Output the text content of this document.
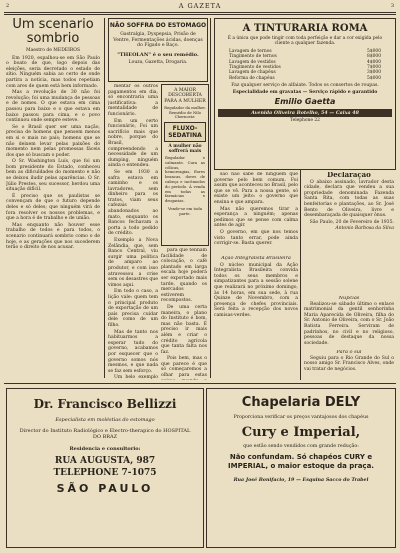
2	A GAZETA	3
Um scenario sombrio
Maestro de MEDEIROS

Em 1920, espalhou-se em São Paulo o boato de que, logo depois das eleições, seria decretado o estado de sítio. Ninguém sabia ao certo de onde partira a notícia, mas todos repetiam com ares de quem está bem informado.

Mas a revolução de 30 não foi revolução; foi uma mudança de pessoas e de nomes. O que estava em cima passou para baixo e o que estava em baixo passou para cima, e o povo continuou onde sempre esteve.

Se o Brasil quer ser uma nação, precisa de homens que pensem menos em si e mais no país; homens que se não deixem levar pelas paixões do momento nem pelas promessas fáceis dos que só buscam o poder.

O Sr. Washington Luís, que foi um bom presidente do Estado, conheceu bem as dificuldades do momento e não se deixou iludir pelas aparências. O Sr. Júlio Prestes, seu sucessor, herdou uma situação difícil.

É preciso que os paulistas se convençam de que o futuro depende deles e só deles; que ninguém virá de fora resolver os nossos problemas, e que a hora é de trabalho e de união.

Mas enquanto não houver esse trabalho de todos e para todos, o scenario continuará sombrio como o de hoje, e as gerações que nos sucederem terão o direito de nos acusar.

NÃO SOFFRA DO ESTOMAGO
Gastralgia, Dyspepsia, Prisão de Ventre, Fermentações ácidas, doenças do Fígado e Baço.
"THEOLAN" é o seu remédio.
Louza, Gazetta, Drogaria.

mentar os outros pagamentos em dia, só encontraria uma justificativa: a mentalidade de funcionário.

Em um certo funcionário, Foi um sacrifício mais que nobre, porque do Brasil, compreendendo a necessidade de um dumping, ninguém ainda o entendeu.

Se em 1930 a safra estava em caminho e os lavradores, sem dinheiro para os tratos, viam seus cafezais abandonados ao mato, enquanto os Bancos fechavam a porta a todo pedido de crédito.

Exemplo a Nova Zelândia, que, sem Banco Central, viu surgir uma política de amparo ao produtor, e com isso atravessou a crise sem os desastres que vimos aqui.

Em todo o caso, a lição vale: quem tem o principal produto de exportação de um país precisa cuidar dele como de um filho.

Mas de tanto nos habituarmos a esperar tudo do governo, acabamos por esquecer que o governo somos nós mesmos, e que nada se faz sem esforço.

Um belo exemplo

A MAIOR DESCOBERTA PARA A MULHER
Regulador da mulher. Remédio de Nilo Chernoviz:
FLUXO-SEDATINA
A mulher não soffrerá mais
Regulador e calmante. Cura as cólicas, hemorragias, flores brancas, dores de cabeça e incômodos do período. À venda em todas as farmácias e drogarias.
Vende-se em toda parte.

para que tenham facilidade de colocação, o café plantado em larga escala hoje poderá ser exportado mais tarde, quando os mercados estiverem recompostos.

De uma certa maneira, o plano do Instituto é bom, mas não basta. É preciso ir mais além e criar o crédito agrícola que tanta falta nos faz.

Pois bem, mas o que parece é que só começaremos a olhar para estas

A TINTURARIA ROMA
É a única que pode tingir com toda perfeição e dar a cor exigida pelo cliente a qualquer fazenda.
Lavagem de ternos	5$000
Tingimento de ternos	8$000
Lavagem de vestidos	4$000
Tingimento de vestidos	7$000
Lavagem de chapéus	3$000
Reforma de chapéus	5$000
Faz qualquer serviço de alfaiate. Todos os consertos de roupas.
Especialidade em gravatas — Serviço rápido e garantido
Emilio Gaetta
Avenida Oliveira Botelho, 54 — Caixa 48
Telephone 22

são não sabe de ninguém que governe pelo bem comum. Foi assim que aconteceu no Brasil, pelo que se vê. Para a nossa gente, só existe um jeito: o governo que ensina e que ampara.

Mas não queremos tirar a esperança a ninguém; apenas pedimos que se pense com calma antes de agir.

O governo, em que nos temos visto tanto errar, pode ainda corrigir-se. Basta querer.

Ação Integralista Brasileira

O núcleo municipal da Ação Integralista Brasileira convida todos os seus membros e simpatizantes para a sessão solene que realizará no próximo domingo, às 14 horas, em sua sede, à rua Quinze de Novembro, com a presença de chefes provinciais. Será feita a recepção dos novos camisas-verdes.

Declaração

O abaixo assinado, lavrador desta cidade, declara que vendeu a sua propriedade denominada Fazenda Santa Rita, com todas as suas benfeitorias e plantações, ao Sr. José Bento de Oliveira, livre e desembaraçada de quaisquer ônus.

São Paulo, 20 de Fevereiro de 1935.

Antonio Barbosa da Silva

Nupcias

Realizou-se sábado último o enlace matrimonial da gentil senhorinha Maria Aparecida de Oliveira, filha do Sr. Antonio de Oliveira, com o Sr. João Batista Ferreira. Serviram de padrinhos, no civil e no religioso, pessoas de destaque da nossa sociedade.

Para o sul

Seguiu para o Rio Grande do Sul o nosso amigo Sr. Francisco Alves, onde vai tratar de negócios.

Dr. Francisco Bellizzi
Especialista em moléstias do estomago
Director do Instituto Radiológico e Electro-therapico do HOSPITAL DO BRAZ
Residencia e consultorio:
RUA AUGUSTA, 987
TELEPHONE 7-1075
SÃO PAULO
Chapelaria DELY
Proporciona verificar os preços vantajosos dos chapéus
Cury e Imperial,
que estão sendo vendidos com grande redução:
Não confundam. Só chapéos CURY e IMPERIAL, o maior estoque da praça.
Rua José Bonifacio, 19 — Esquina Sacco do Trabel
